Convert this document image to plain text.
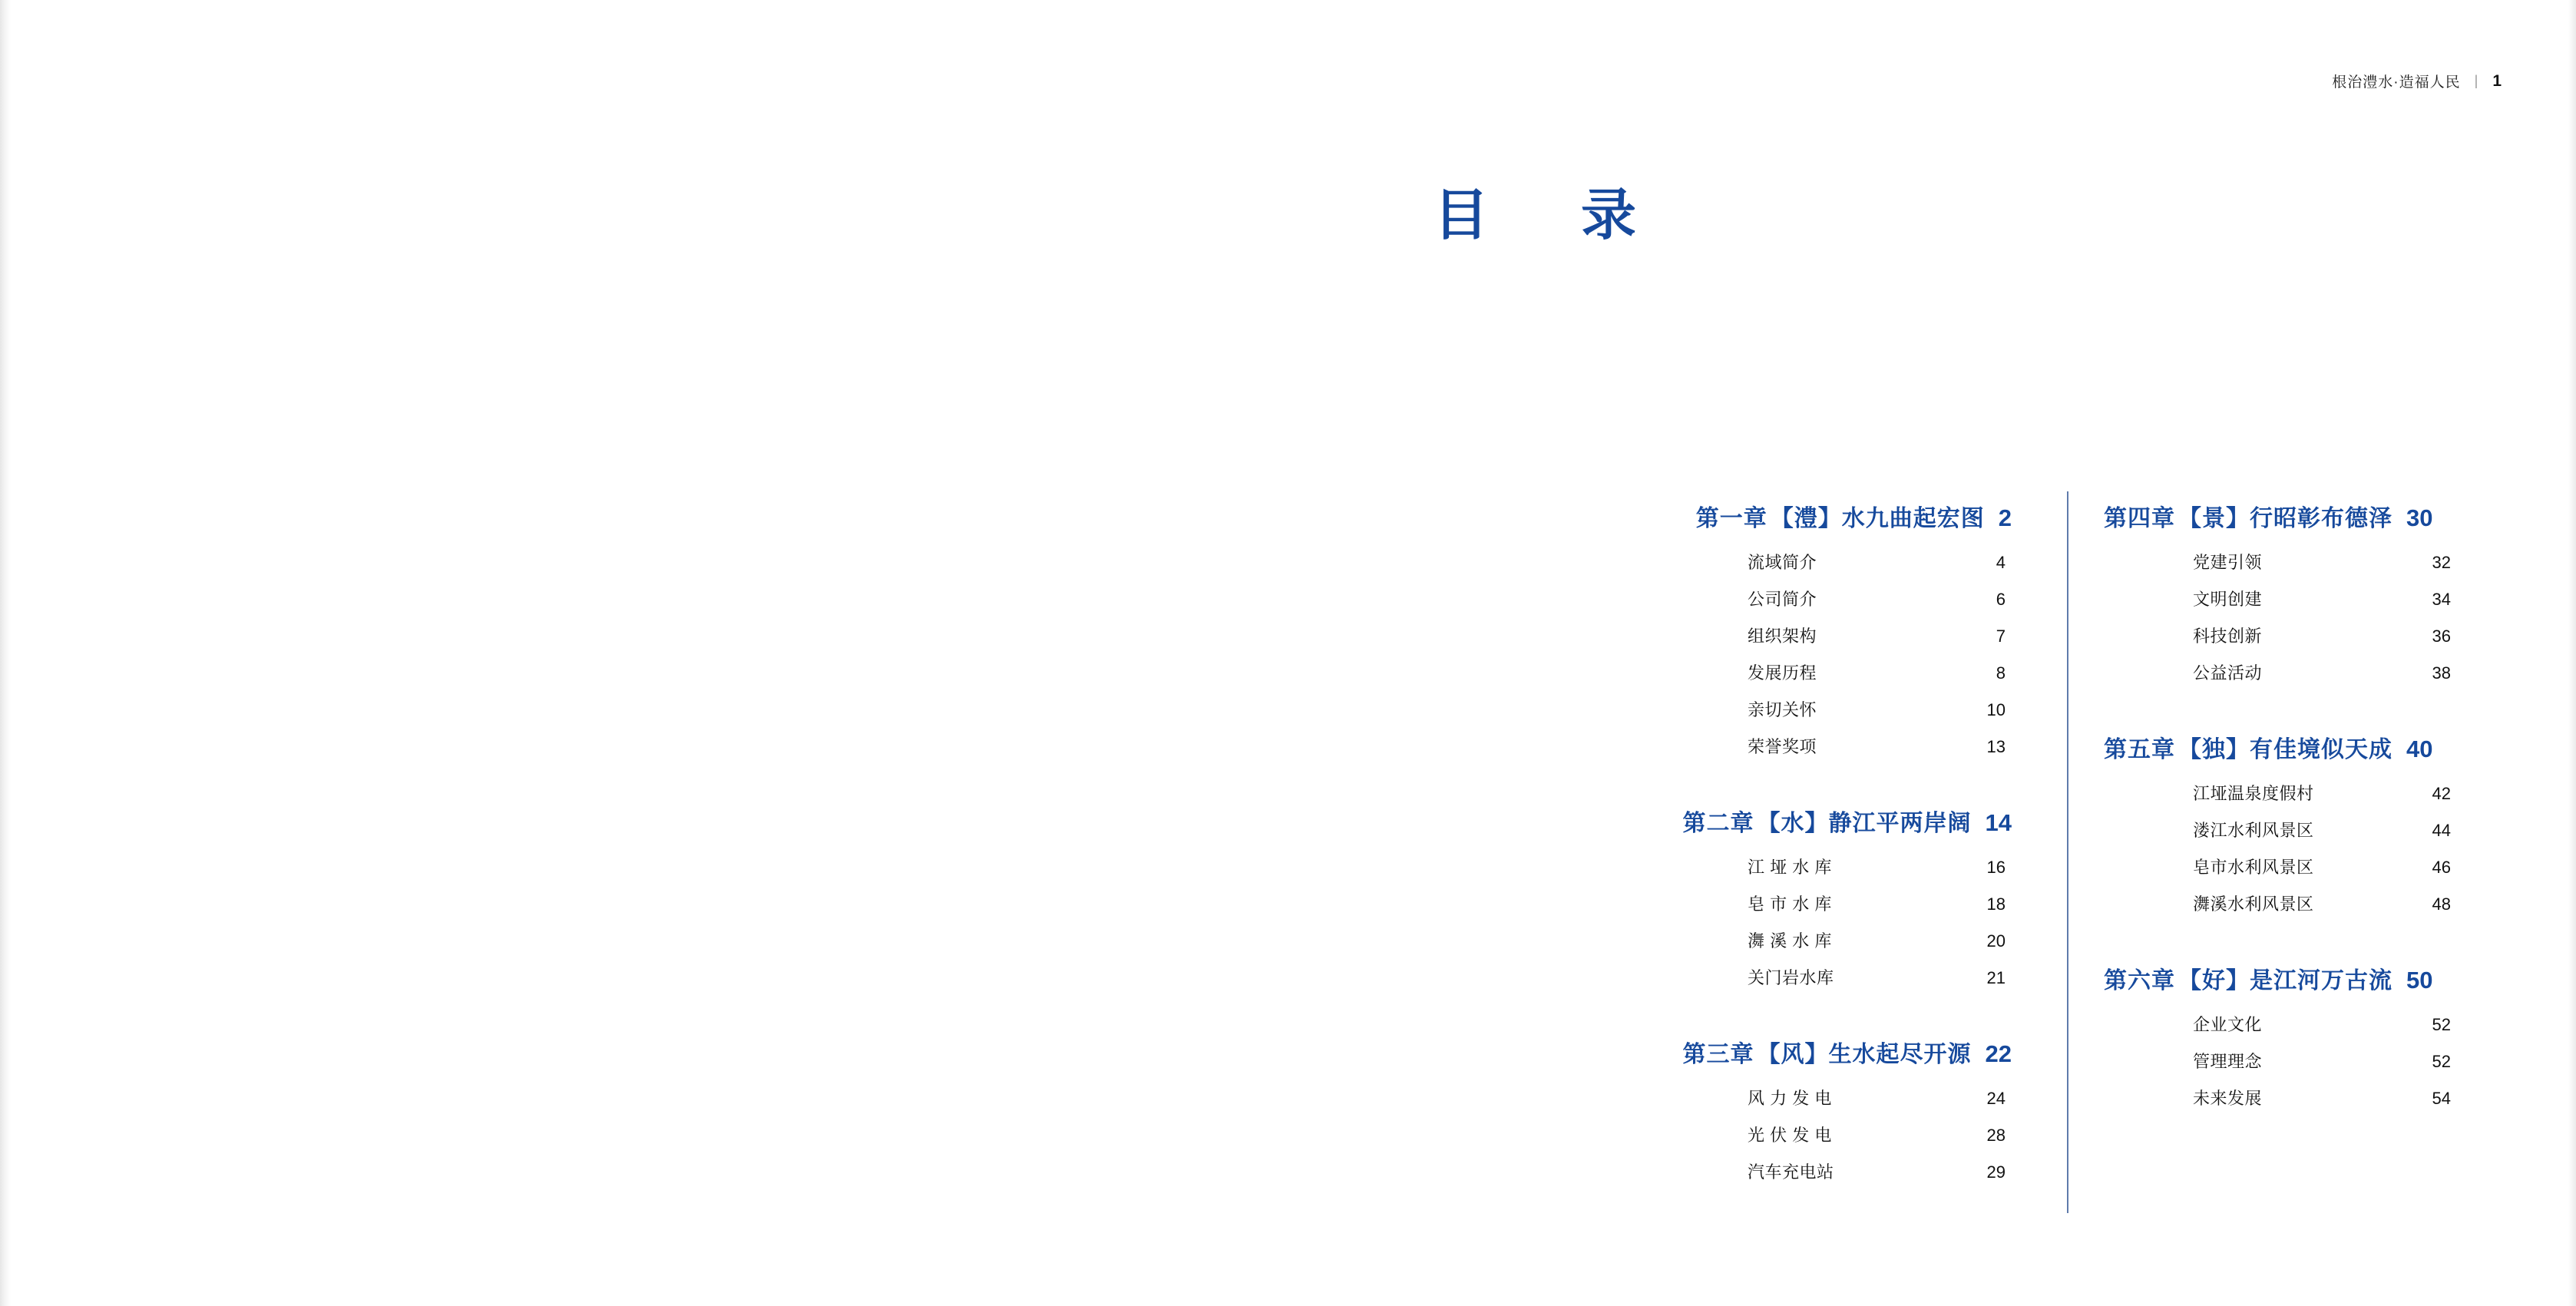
根治澧水·造福人民 | 1
目　录
第一章 【澧】水九曲起宏图 2
流域简介	4
公司简介	6
组织架构	7
发展历程	8
亲切关怀	10
荣誉奖项	13
第二章 【水】静江平两岸阔 14
江 垭 水 库	16
皂 市 水 库	18
㵲 溪 水 库	20
关门岩水库	21
第三章 【风】生水起尽开源 22
风 力 发 电	24
光 伏 发 电	28
汽车充电站	29
第四章 【景】行昭彰布德泽 30
党建引领	32
文明创建	34
科技创新	36
公益活动	38
第五章 【独】有佳境似天成 40
江垭温泉度假村	42
溇江水利风景区	44
皂市水利风景区	46
㵲溪水利风景区	48
第六章 【好】是江河万古流 50
企业文化	52
管理理念	52
未来发展	54
